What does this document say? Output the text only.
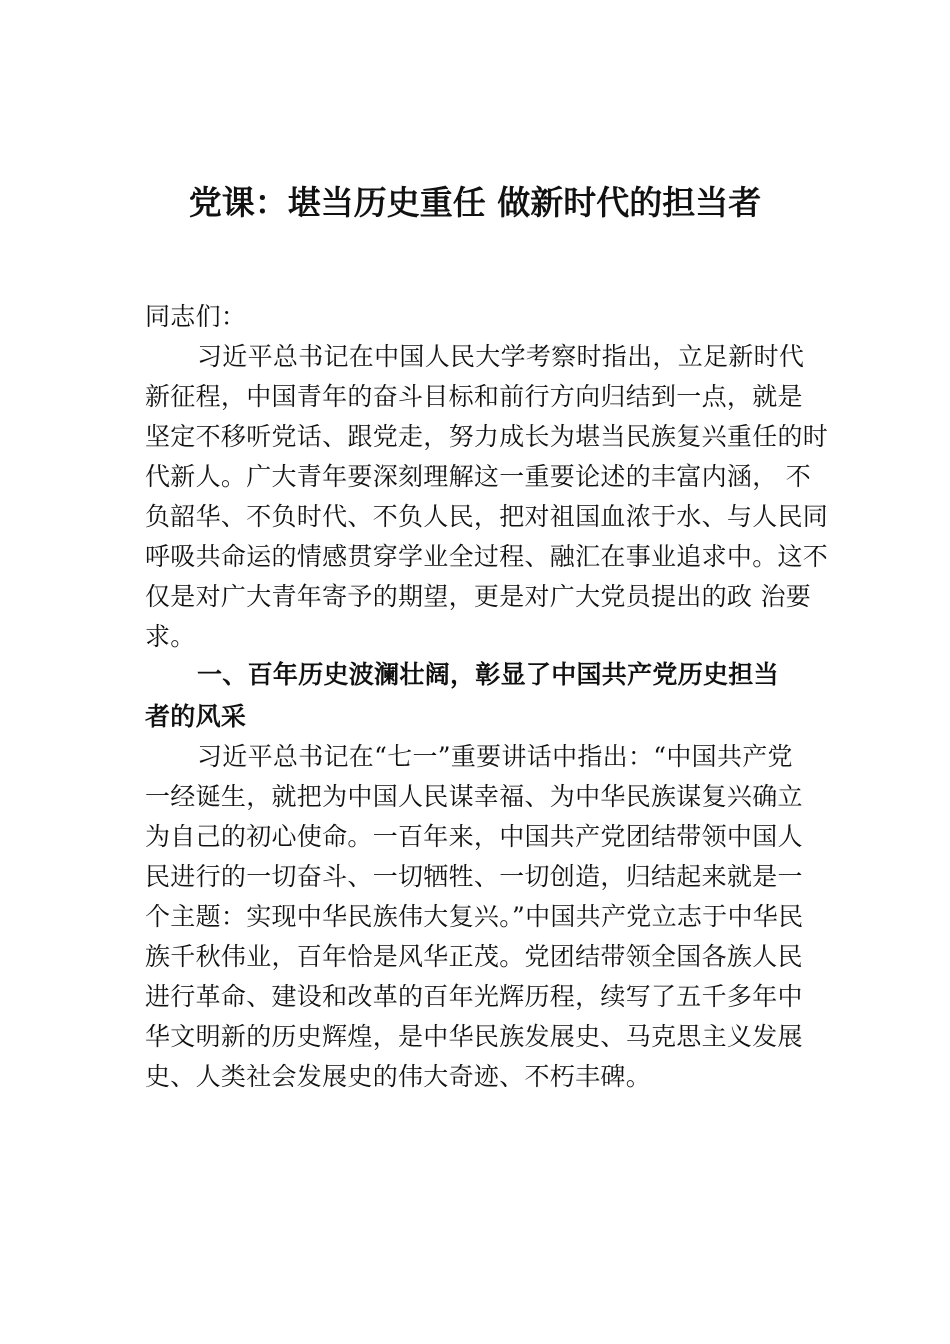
党课：堪当历史重任 做新时代的担当者
同志们：
习近平总书记在中国人民大学考察时指出，立足新时代
新征程，中国青年的奋斗目标和前行方向归结到一点，就是
坚定不移听党话、跟党走，努力成长为堪当民族复兴重任的时
代新人。广大青年要深刻理解这一重要论述的丰富内涵， 不
负韶华、不负时代、不负人民，把对祖国血浓于水、与人民同
呼吸共命运的情感贯穿学业全过程、融汇在事业追求中。这不
仅是对广大青年寄予的期望，更是对广大党员提出的政 治要
求。
一、百年历史波澜壮阔，彰显了中国共产党历史担当
者的风采
习近平总书记在“七一”重要讲话中指出：“中国共产党
一经诞生，就把为中国人民谋幸福、为中华民族谋复兴确立
为自己的初心使命。一百年来，中国共产党团结带领中国人
民进行的一切奋斗、一切牺牲、一切创造，归结起来就是一
个主题：实现中华民族伟大复兴。”中国共产党立志于中华民
族千秋伟业，百年恰是风华正茂。党团结带领全国各族人民
进行革命、建设和改革的百年光辉历程，续写了五千多年中
华文明新的历史辉煌，是中华民族发展史、马克思主义发展
史、人类社会发展史的伟大奇迹、不朽丰碑。
